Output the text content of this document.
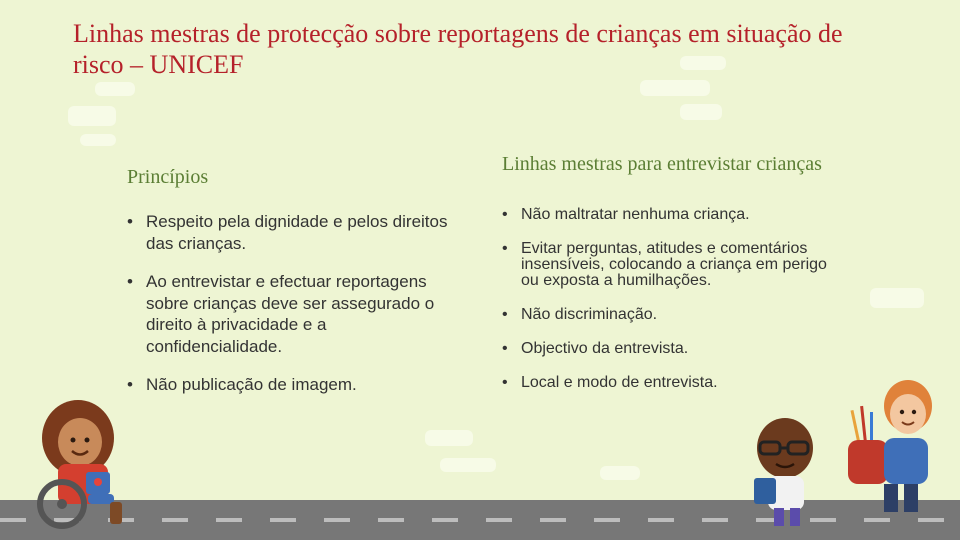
Linhas mestras de protecção sobre reportagens de crianças em situação de risco – UNICEF
Princípios
• Respeito pela dignidade e pelos direitos das crianças.
• Ao entrevistar e efectuar reportagens sobre crianças deve ser assegurado o direito à privacidade e a confidencialidade.
• Não publicação de imagem.
Linhas mestras para entrevistar crianças
• Não maltratar nenhuma criança.
• Evitar perguntas, atitudes e comentários insensíveis, colocando a criança em perigo ou exposta a humilhações.
• Não discriminação.
• Objectivo da entrevista.
• Local e modo de entrevista.
